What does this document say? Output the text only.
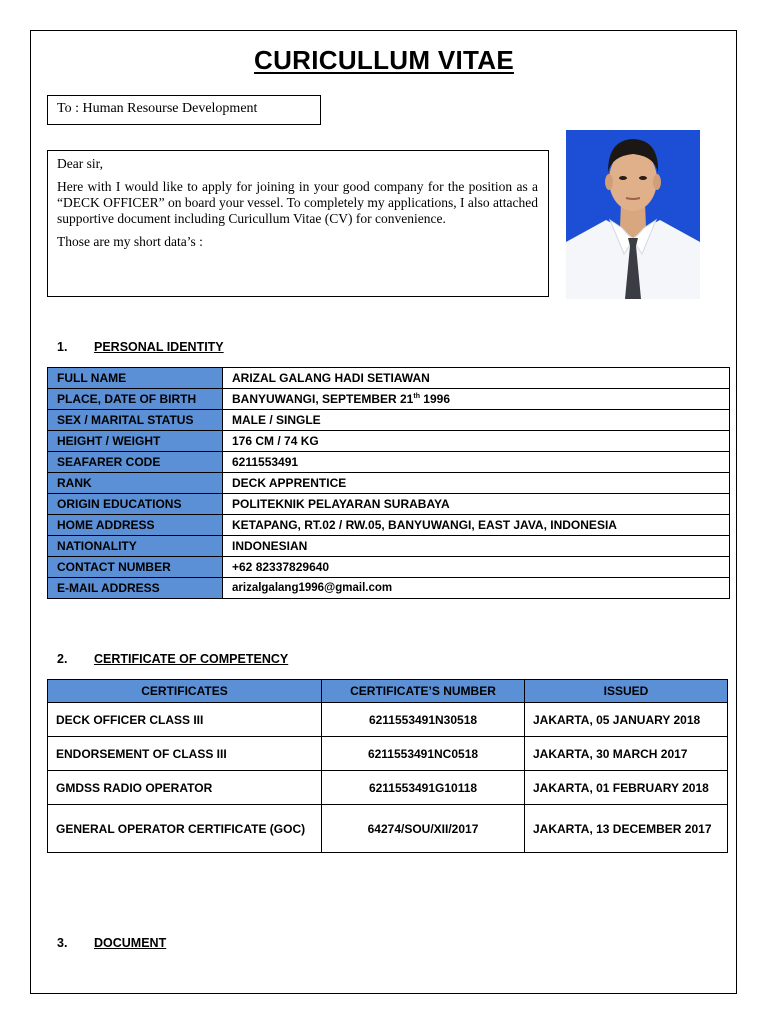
CURICULLUM VITAE
To : Human Resourse Development

Dear sir,

Here with I would like to apply for joining in your good company for the position as a “DECK OFFICER” on board your vessel. To completely my applications, I also attached supportive document including Curicullum Vitae (CV) for convenience.

Those are my short data’s :

1. PERSONAL IDENTITY
FULL NAME	ARIZAL GALANG HADI SETIAWAN
PLACE, DATE OF BIRTH	BANYUWANGI, SEPTEMBER 21th 1996
SEX / MARITAL STATUS	MALE / SINGLE
HEIGHT / WEIGHT	176 CM / 74 KG
SEAFARER CODE	6211553491
RANK	DECK APPRENTICE
ORIGIN EDUCATIONS	POLITEKNIK PELAYARAN SURABAYA
HOME ADDRESS	KETAPANG, RT.02 / RW.05, BANYUWANGI, EAST JAVA, INDONESIA
NATIONALITY	INDONESIAN
CONTACT NUMBER	+62 82337829640
E-MAIL ADDRESS	arizalgalang1996@gmail.com
2. CERTIFICATE OF COMPETENCY
CERTIFICATES	CERTIFICATE’S NUMBER	ISSUED
DECK OFFICER CLASS III	6211553491N30518	JAKARTA, 05 JANUARY 2018
ENDORSEMENT OF CLASS III	6211553491NC0518	JAKARTA, 30 MARCH 2017
GMDSS RADIO OPERATOR	6211553491G10118	JAKARTA, 01 FEBRUARY 2018
GENERAL OPERATOR CERTIFICATE (GOC)	64274/SOU/XII/2017	JAKARTA, 13 DECEMBER 2017
3. DOCUMENT
